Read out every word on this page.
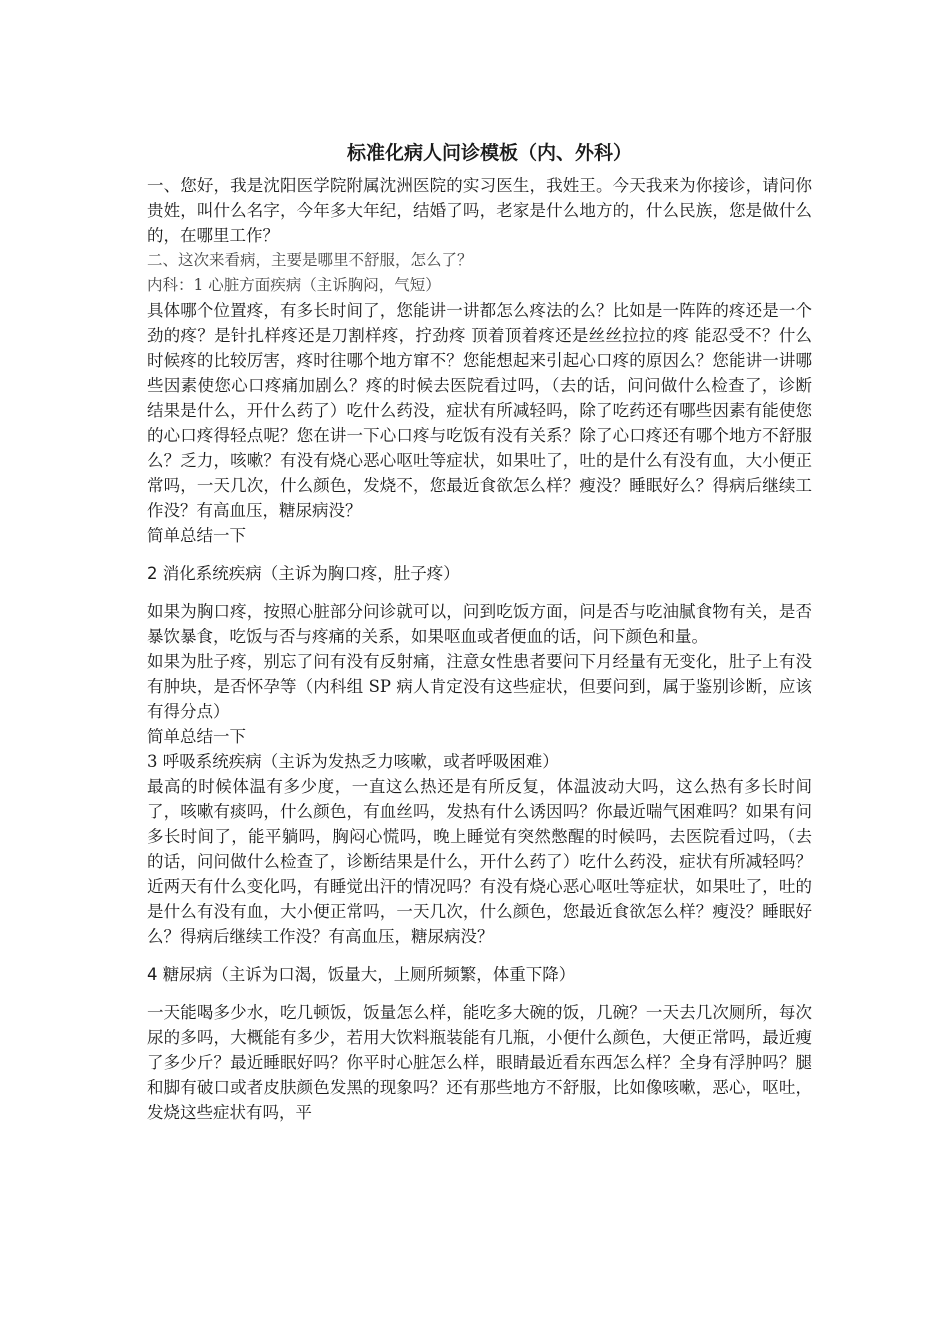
标准化病人问诊模板（内、外科）

一、您好，我是沈阳医学院附属沈洲医院的实习医生，我姓王。今天我来为你接诊，请问你贵姓，叫什么名字，今年多大年纪，结婚了吗，老家是什么地方的，什么民族，您是做什么的，在哪里工作？

二、这次来看病，主要是哪里不舒服，怎么了？

内科：1 心脏方面疾病（主诉胸闷，气短）

具体哪个位置疼，有多长时间了，您能讲一讲都怎么疼法的么？比如是一阵阵的疼还是一个劲的疼？是针扎样疼还是刀割样疼，拧劲疼 顶着顶着疼还是丝丝拉拉的疼 能忍受不？什么时候疼的比较厉害，疼时往哪个地方窜不？您能想起来引起心口疼的原因么？您能讲一讲哪些因素使您心口疼痛加剧么？疼的时候去医院看过吗，（去的话，问问做什么检查了，诊断结果是什么，开什么药了）吃什么药没，症状有所减轻吗，除了吃药还有哪些因素有能使您的心口疼得轻点呢？您在讲一下心口疼与吃饭有没有关系？除了心口疼还有哪个地方不舒服么？乏力，咳嗽？有没有烧心恶心呕吐等症状，如果吐了，吐的是什么有没有血，大小便正常吗，一天几次，什么颜色，发烧不，您最近食欲怎么样？瘦没？睡眠好么？得病后继续工作没？有高血压，糖尿病没？

简单总结一下

2 消化系统疾病（主诉为胸口疼，肚子疼）

如果为胸口疼，按照心脏部分问诊就可以，问到吃饭方面，问是否与吃油腻食物有关，是否暴饮暴食，吃饭与否与疼痛的关系，如果呕血或者便血的话，问下颜色和量。

如果为肚子疼，别忘了问有没有反射痛，注意女性患者要问下月经量有无变化，肚子上有没有肿块，是否怀孕等（内科组 SP 病人肯定没有这些症状，但要问到，属于鉴别诊断，应该有得分点）

简单总结一下

3 呼吸系统疾病（主诉为发热乏力咳嗽，或者呼吸困难）

最高的时候体温有多少度，一直这么热还是有所反复，体温波动大吗，这么热有多长时间了，咳嗽有痰吗，什么颜色，有血丝吗，发热有什么诱因吗？你最近喘气困难吗？如果有问多长时间了，能平躺吗，胸闷心慌吗，晚上睡觉有突然憋醒的时候吗，去医院看过吗，（去的话，问问做什么检查了，诊断结果是什么，开什么药了）吃什么药没，症状有所减轻吗？近两天有什么变化吗，有睡觉出汗的情况吗？有没有烧心恶心呕吐等症状，如果吐了，吐的是什么有没有血，大小便正常吗，一天几次，什么颜色，您最近食欲怎么样？瘦没？睡眠好么？得病后继续工作没？有高血压，糖尿病没？

4 糖尿病（主诉为口渴，饭量大，上厕所频繁，体重下降）

一天能喝多少水，吃几顿饭，饭量怎么样，能吃多大碗的饭，几碗？一天去几次厕所，每次尿的多吗，大概能有多少，若用大饮料瓶装能有几瓶，小便什么颜色，大便正常吗，最近瘦了多少斤？最近睡眠好吗？你平时心脏怎么样，眼睛最近看东西怎么样？全身有浮肿吗？腿和脚有破口或者皮肤颜色发黑的现象吗？还有那些地方不舒服，比如像咳嗽，恶心，呕吐，发烧这些症状有吗，平
